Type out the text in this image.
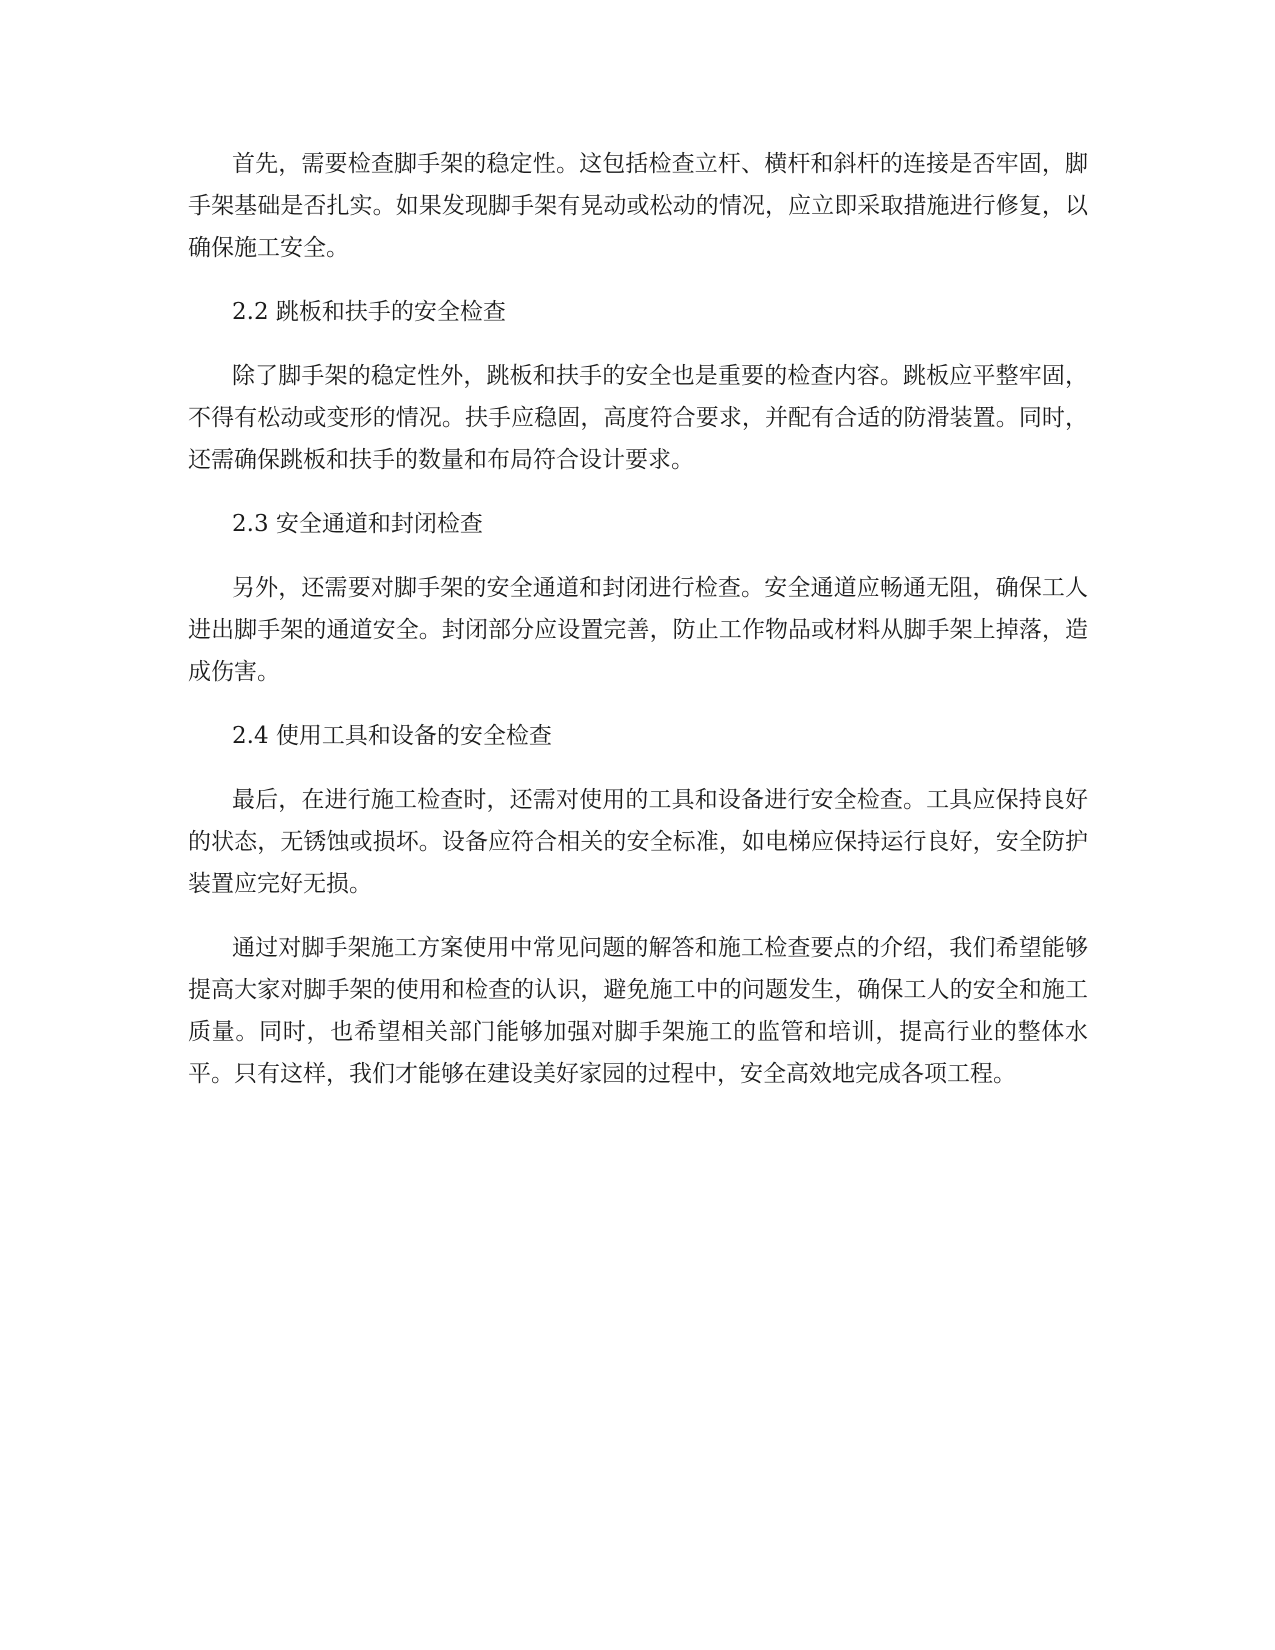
首先，需要检查脚手架的稳定性。这包括检查立杆、横杆和斜杆的连接是否牢固，脚手架基础是否扎实。如果发现脚手架有晃动或松动的情况，应立即采取措施进行修复，以确保施工安全。

2.2 跳板和扶手的安全检查

除了脚手架的稳定性外，跳板和扶手的安全也是重要的检查内容。跳板应平整牢固，不得有松动或变形的情况。扶手应稳固，高度符合要求，并配有合适的防滑装置。同时，还需确保跳板和扶手的数量和布局符合设计要求。

2.3 安全通道和封闭检查

另外，还需要对脚手架的安全通道和封闭进行检查。安全通道应畅通无阻，确保工人进出脚手架的通道安全。封闭部分应设置完善，防止工作物品或材料从脚手架上掉落，造成伤害。

2.4 使用工具和设备的安全检查

最后，在进行施工检查时，还需对使用的工具和设备进行安全检查。工具应保持良好的状态，无锈蚀或损坏。设备应符合相关的安全标准，如电梯应保持运行良好，安全防护装置应完好无损。

通过对脚手架施工方案使用中常见问题的解答和施工检查要点的介绍，我们希望能够提高大家对脚手架的使用和检查的认识，避免施工中的问题发生，确保工人的安全和施工质量。同时，也希望相关部门能够加强对脚手架施工的监管和培训，提高行业的整体水平。只有这样，我们才能够在建设美好家园的过程中，安全高效地完成各项工程。
